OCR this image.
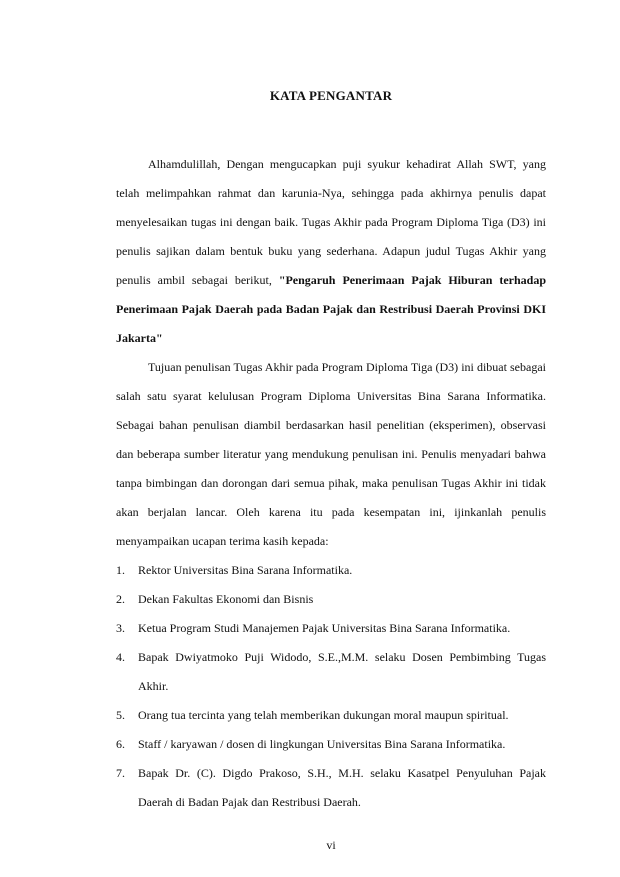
KATA PENGANTAR

Alhamdulillah, Dengan mengucapkan puji syukur kehadirat Allah SWT, yang telah melimpahkan rahmat dan karunia-Nya, sehingga pada akhirnya penulis dapat menyelesaikan tugas ini dengan baik. Tugas Akhir pada Program Diploma Tiga (D3) ini penulis sajikan dalam bentuk buku yang sederhana. Adapun judul Tugas Akhir yang penulis ambil sebagai berikut, "Pengaruh Penerimaan Pajak Hiburan terhadap Penerimaan Pajak Daerah pada Badan Pajak dan Restribusi Daerah Provinsi DKI Jakarta"

Tujuan penulisan Tugas Akhir pada Program Diploma Tiga (D3) ini dibuat sebagai salah satu syarat kelulusan Program Diploma Universitas Bina Sarana Informatika. Sebagai bahan penulisan diambil berdasarkan hasil penelitian (eksperimen), observasi dan beberapa sumber literatur yang mendukung penulisan ini. Penulis menyadari bahwa tanpa bimbingan dan dorongan dari semua pihak, maka penulisan Tugas Akhir ini tidak akan berjalan lancar. Oleh karena itu pada kesempatan ini, ijinkanlah penulis menyampaikan ucapan terima kasih kepada:

1. Rektor Universitas Bina Sarana Informatika.
2. Dekan Fakultas Ekonomi dan Bisnis
3. Ketua Program Studi Manajemen Pajak Universitas Bina Sarana Informatika.
4. Bapak Dwiyatmoko Puji Widodo, S.E.,M.M. selaku Dosen Pembimbing Tugas Akhir.
5. Orang tua tercinta yang telah memberikan dukungan moral maupun spiritual.
6. Staff / karyawan / dosen di lingkungan Universitas Bina Sarana Informatika.
7. Bapak Dr. (C). Digdo Prakoso, S.H., M.H. selaku Kasatpel Penyuluhan Pajak Daerah di Badan Pajak dan Restribusi Daerah.
vi
